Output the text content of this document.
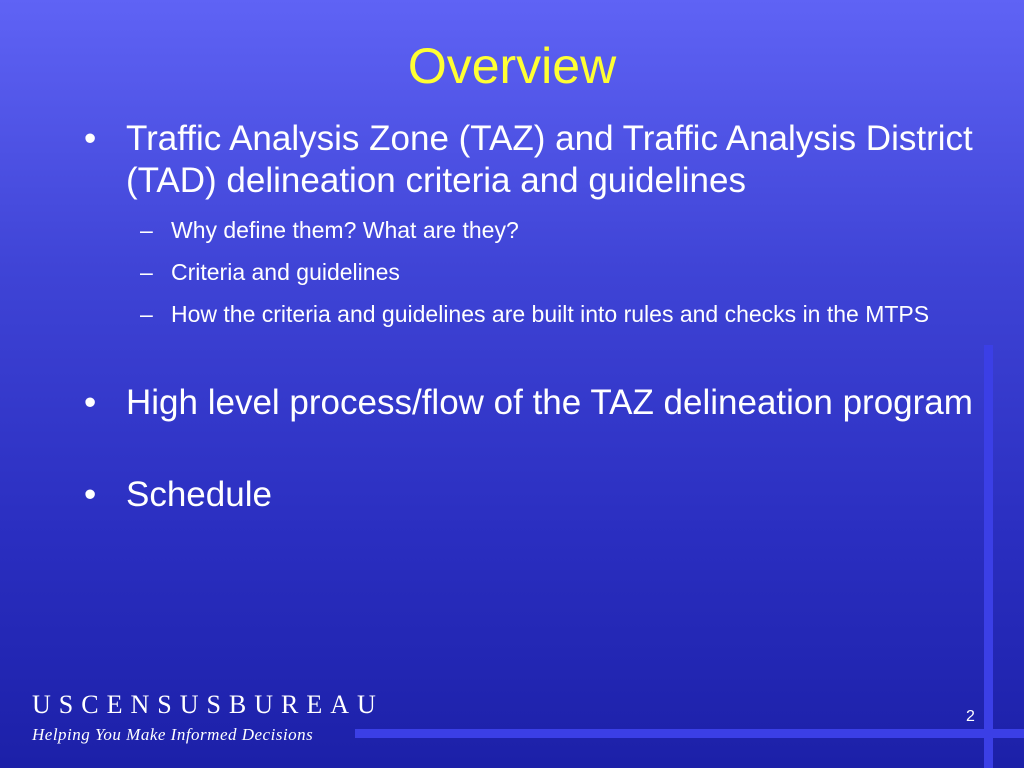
Overview
• Traffic Analysis Zone (TAZ) and Traffic Analysis District (TAD) delineation criteria and guidelines
– Why define them? What are they?
– Criteria and guidelines
– How the criteria and guidelines are built into rules and checks in the MTPS
• High level process/flow of the TAZ delineation program
• Schedule
USCENSUSBUREAU
Helping You Make Informed Decisions
2
